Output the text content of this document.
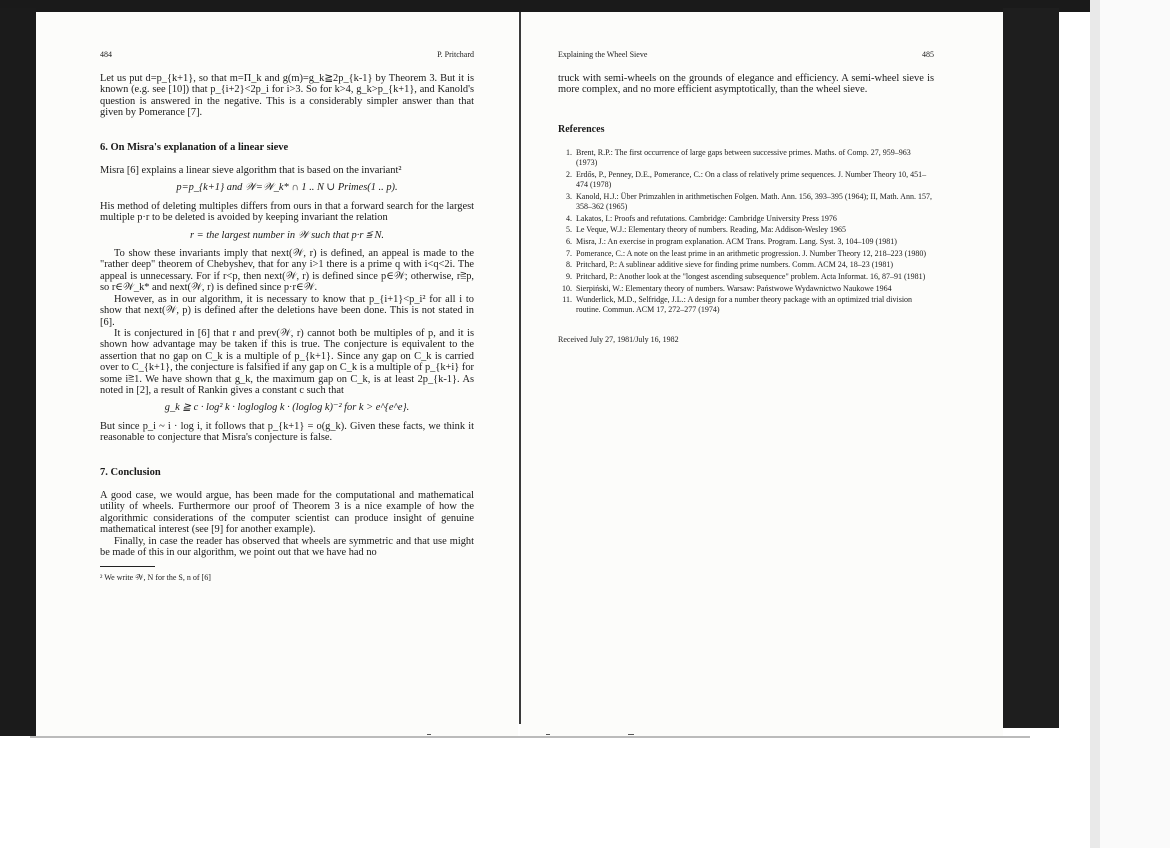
484	P. Pritchard

Let us put d=p_{k+1}, so that m=Π_k and g(m)=g_k≧2p_{k-1} by Theorem 3. But it is known (e.g. see [10]) that p_{i+2}<2p_i for i>3. So for k>4, g_k>p_{k+1}, and Kanold's question is answered in the negative. This is a considerably simpler answer than that given by Pomerance [7].

6. On Misra's explanation of a linear sieve

Misra [6] explains a linear sieve algorithm that is based on the invariant²

p=p_{k+1} and 𝒲=𝒲_k* ∩ 1 .. N ∪ Primes(1 .. p).

His method of deleting multiples differs from ours in that a forward search for the largest multiple p·r to be deleted is avoided by keeping invariant the relation

r = the largest number in 𝒲 such that p·r ≦ N.

To show these invariants imply that next(𝒲, r) is defined, an appeal is made to the "rather deep" theorem of Chebyshev, that for any i>1 there is a prime q with i<q<2i. The appeal is unnecessary. For if r<p, then next(𝒲, r) is defined since p∈𝒲; otherwise, r≧p, so r∈𝒲_k* and next(𝒲, r) is defined since p·r∈𝒲.

However, as in our algorithm, it is necessary to know that p_{i+1}<p_i² for all i to show that next(𝒲, p) is defined after the deletions have been done. This is not stated in [6].

It is conjectured in [6] that r and prev(𝒲, r) cannot both be multiples of p, and it is shown how advantage may be taken if this is true. The conjecture is equivalent to the assertion that no gap on C_k is a multiple of p_{k+1}. Since any gap on C_k is carried over to C_{k+1}, the conjecture is falsified if any gap on C_k is a multiple of p_{k+i} for some i≧1. We have shown that g_k, the maximum gap on C_k, is at least 2p_{k-1}. As noted in [2], a result of Rankin gives a constant c such that

g_k ≧ c · log² k · logloglog k · (loglog k)⁻² for k > e^{e^e}.

But since p_i ~ i · log i, it follows that p_{k+1} = o(g_k). Given these facts, we think it reasonable to conjecture that Misra's conjecture is false.

7. Conclusion

A good case, we would argue, has been made for the computational and mathematical utility of wheels. Furthermore our proof of Theorem 3 is a nice example of how the algorithmic considerations of the computer scientist can produce insight of genuine mathematical interest (see [9] for another example).

Finally, in case the reader has observed that wheels are symmetric and that use might be made of this in our algorithm, we point out that we have had no

² We write 𝒲, N for the S, n of [6]
Explaining the Wheel Sieve	485

truck with semi-wheels on the grounds of elegance and efficiency. A semi-wheel sieve is more complex, and no more efficient asymptotically, than the wheel sieve.

References
1. Brent, R.P.: The first occurrence of large gaps between successive primes. Maths. of Comp. 27, 959–963 (1973)
2. Erdős, P., Penney, D.E., Pomerance, C.: On a class of relatively prime sequences. J. Number Theory 10, 451–474 (1978)
3. Kanold, H.J.: Über Primzahlen in arithmetischen Folgen. Math. Ann. 156, 393–395 (1964); II, Math. Ann. 157, 358–362 (1965)
4. Lakatos, I.: Proofs and refutations. Cambridge: Cambridge University Press 1976
5. Le Veque, W.J.: Elementary theory of numbers. Reading, Ma: Addison-Wesley 1965
6. Misra, J.: An exercise in program explanation. ACM Trans. Program. Lang. Syst. 3, 104–109 (1981)
7. Pomerance, C.: A note on the least prime in an arithmetic progression. J. Number Theory 12, 218–223 (1980)
8. Pritchard, P.: A sublinear additive sieve for finding prime numbers. Comm. ACM 24, 18–23 (1981)
9. Pritchard, P.: Another look at the "longest ascending subsequence" problem. Acta Informat. 16, 87–91 (1981)
10. Sierpiński, W.: Elementary theory of numbers. Warsaw: Państwowe Wydawnictwo Naukowe 1964
11. Wunderlick, M.D., Selfridge, J.L.: A design for a number theory package with an optimized trial division routine. Commun. ACM 17, 272–277 (1974)
Received July 27, 1981/July 16, 1982
